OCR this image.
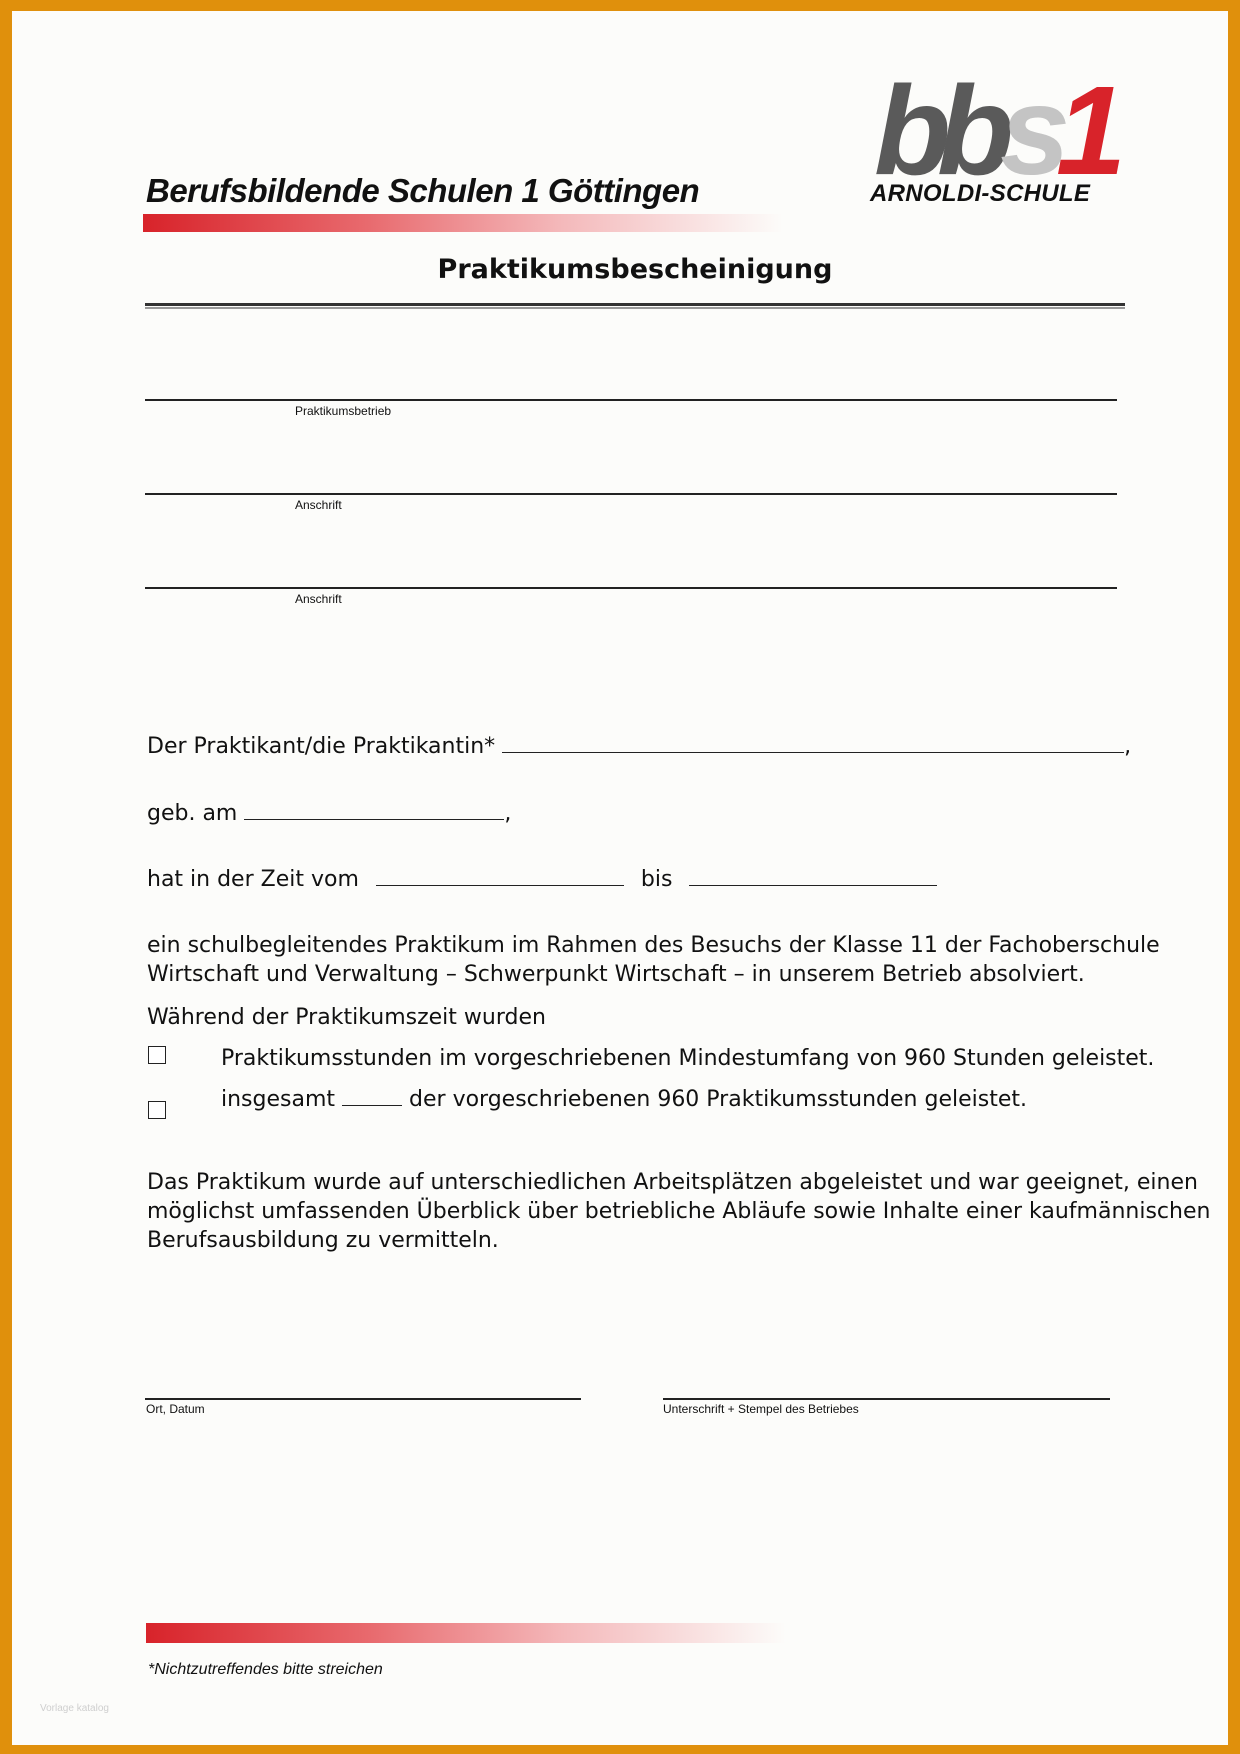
Berufsbildende Schulen 1 Göttingen bbs1
ARNOLDI-SCHULE
Praktikumsbescheinigung
Praktikumsbetrieb
Anschrift
Anschrift
Der Praktikant/die Praktikantin*	,
geb. am	,
hat in der Zeit vom	bis
ein schulbegleitendes Praktikum im Rahmen des Besuchs der Klasse 11 der Fachoberschule
Wirtschaft und Verwaltung – Schwerpunkt Wirtschaft – in unserem Betrieb absolviert.
Während der Praktikumszeit wurden
Praktikumsstunden im vorgeschriebenen Mindestumfang von 960 Stunden geleistet.
insgesamt	der vorgeschriebenen 960 Praktikumsstunden geleistet.
Das Praktikum wurde auf unterschiedlichen Arbeitsplätzen abgeleistet und war geeignet, einen
möglichst umfassenden Überblick über betriebliche Abläufe sowie Inhalte einer kaufmännischen
Berufsausbildung zu vermitteln.
Ort, Datum	Unterschrift + Stempel des Betriebes
*Nichtzutreffendes bitte streichen
Vorlage katalog
